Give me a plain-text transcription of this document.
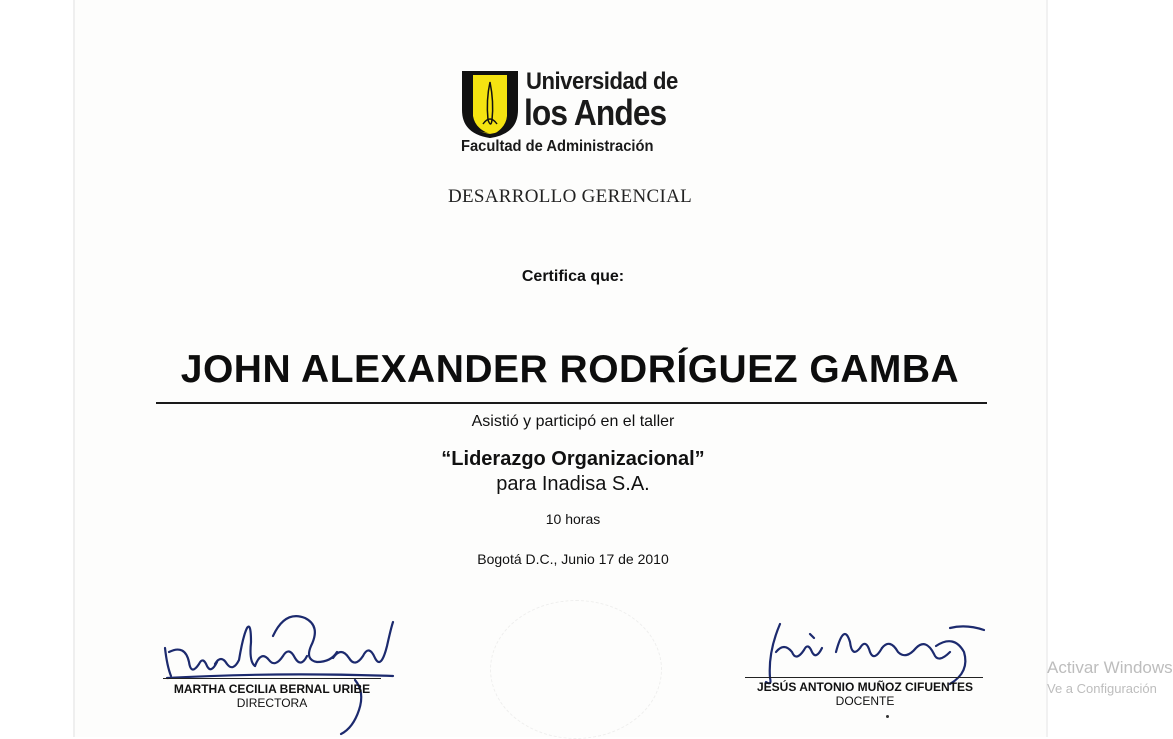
Universidad de
los Andes
Facultad de Administración
DESARROLLO GERENCIAL
Certifica que:
JOHN ALEXANDER RODRÍGUEZ GAMBA
Asistió y participó en el taller
“Liderazgo Organizacional”
para Inadisa S.A.
10 horas
Bogotá D.C., Junio 17 de 2010
MARTHA CECILIA BERNAL URIBE
DIRECTORA
JESÚS ANTONIO MUÑOZ CIFUENTES
DOCENTE
Activar Windows
Ve a Configuración
